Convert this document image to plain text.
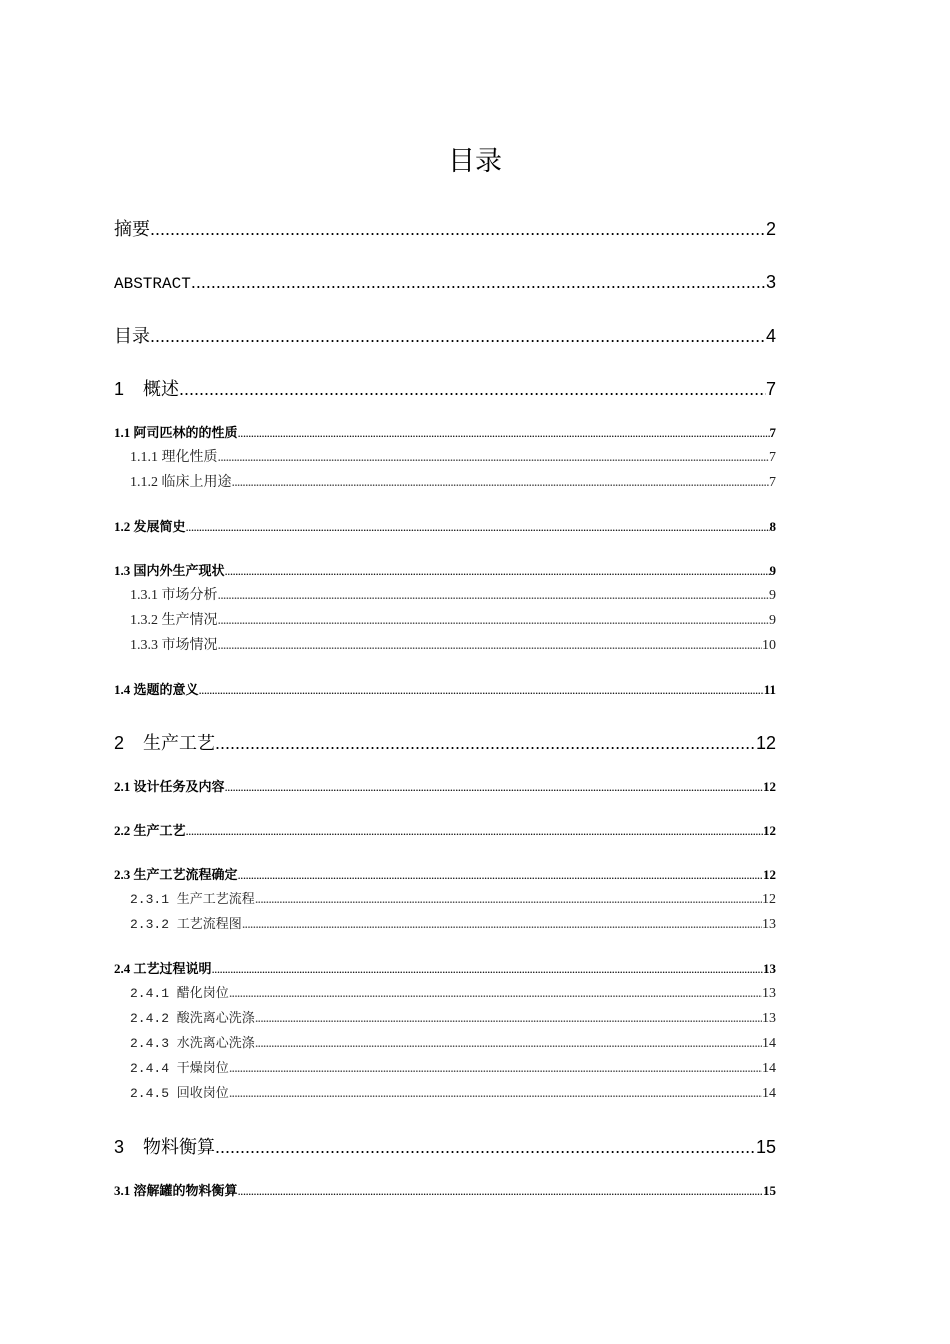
目录
摘要 .....	2
ABSTRACT .....	3
目录 .....	4
1 概述 .....	7
1.1 阿司匹林的的性质 .....	7
1.1.1 理化性质 .....	7
1.1.2 临床上用途 .....	7
1.2 发展简史 .....	8
1.3 国内外生产现状 .....	9
1.3.1 市场分析 .....	9
1.3.2 生产情况 .....	9
1.3.3 市场情况 .....	10
1.4 选题的意义 .....	11
2 生产工艺 .....	12
2.1 设计任务及内容 .....	12
2.2 生产工艺 .....	12
2.3 生产工艺流程确定 .....	12
2.3.1 生产工艺流程 .....	12
2.3.2 工艺流程图 .....	13
2.4 工艺过程说明 .....	13
2.4.1 醋化岗位 .....	13
2.4.2 酸洗离心洗涤 .....	13
2.4.3 水洗离心洗涤 .....	14
2.4.4 干燥岗位 .....	14
2.4.5 回收岗位 .....	14
3 物料衡算 .....	15
3.1 溶解罐的物料衡算 .....	15
